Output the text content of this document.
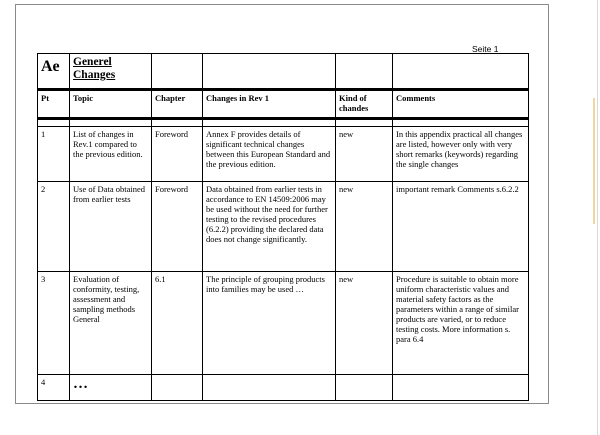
Seite 1
Ae	Generel
Changes				

Pt	Topic	Chapter	Changes in Rev 1	Kind of chandes	Comments

1	List of changes in Rev.1 compared to the previous edition.	Foreword	Annex F provides details of significant technical changes between this European Standard and the previous edition.	new	In this appendix practical all changes are listed, however only with very short remarks (keywords) regarding the single changes
2	Use of Data obtained from earlier tests	Foreword	Data obtained from earlier tests in accordance to EN 14509:2006 may be used without the need for further testing to the revised procedures (6.2.2) providing the declared data does not change significantly.	new	important remark Comments s.6.2.2
3	Evaluation of conformity, testing, assessment and sampling methods General	6.1	The principle of grouping products into families may be used …	new	Procedure is suitable to obtain more uniform characteristic values and material safety factors as the parameters within a range of similar products are varied, or to reduce testing costs. More information s. para 6.4
4	…				
